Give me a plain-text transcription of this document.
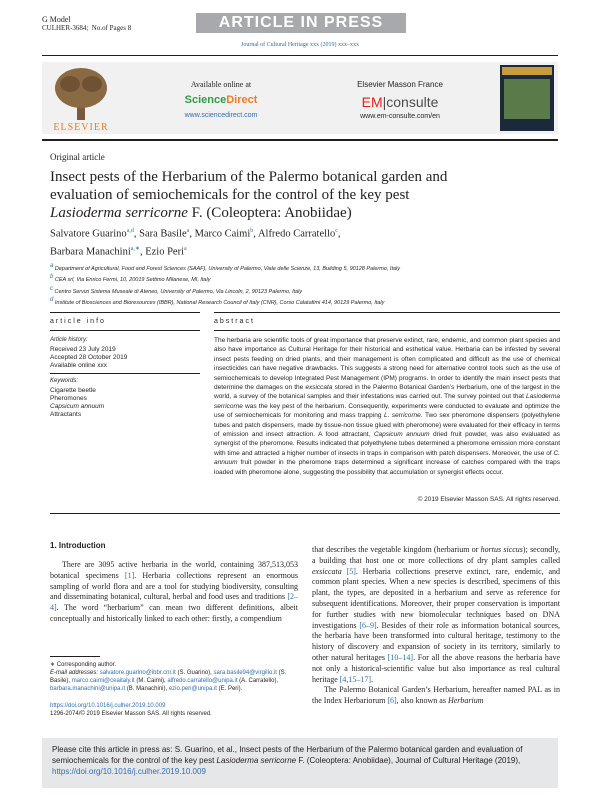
G Model
CULHER-3684; No.of Pages 8	ARTICLE IN PRESS
Journal of Cultural Heritage xxx (2019) xxx–xxx
ELSEVIER
Available online at
ScienceDirect
www.sciencedirect.com
Elsevier Masson France
EM|consulte
www.em-consulte.com/en
Original article
Insect pests of the Herbarium of the Palermo botanical garden and
evaluation of semiochemicals for the control of the key pest
Lasioderma serricorne F. (Coleoptera: Anobiidae)
Salvatore Guarino$^{a,d}$, Sara Basile$^a$, Marco Caimi$^b$, Alfredo Carratello$^c$,
Barbara Manachini$^{a,∗}$, Ezio Peri$^a$
$^a$ Department of Agricultural, Food and Forest Sciences (SAAF), University of Palermo, Viale delle Scienze, 13, Building 5, 90128 Palermo, Italy
$^b$ CEA srl, Via Enrico Fermi, 10, 20019 Settimo Milanese, MI, Italy
$^c$ Centro Servizi Sistema Museale di Ateneo, University of Palermo, Via Lincoln, 2, 90123 Palermo, Italy
$^d$ Institute of Biosciences and Bioresources (IBBR), National Research Council of Italy (CNR), Corso Calatafimi 414, 90129 Palermo, Italy
article info	abstract
Article history:
Received 23 July 2019
Accepted 28 October 2019
Available online xxx
Keywords:
Cigarette beetle
Pheromones
Capsicum annuum
Attractants
The herbaria are scientific tools of great importance that preserve extinct, rare, endemic, and common plant species and also have importance as Cultural Heritage for their historical and esthetical value. Herbaria can be infested by several insect pests feeding on dried plants, and their management is often complicated and difficult as the use of chemical insecticides can have negative drawbacks. This suggests a strong need for alternative control tools such as the use of semiochemicals to develop Integrated Pest Management (IPM) programs. In order to identify the main insect pests that determine the damages on the exsiccata stored in the Palermo Botanical Garden’s Herbarium, one of the largest in the world, a survey of the botanical samples and their infestations was carried out. The survey pointed out that Lasioderma serricorne was the key pest of the herbarium. Consequently, experiments were conducted to evaluate and optimize the use of semiochemicals for monitoring and mass trapping L. serricorne. Two sex pheromone dispensers (polyethylene tubes and patch dispensers, made by tissue-non tissue glued with pheromone) were evaluated for their efficacy in terms of emission and insect attraction. A food attractant, Capsicum annuum dried fruit powder, was also evaluated as synergist of the pheromone. Results indicated that polyethylene tubes determined a pheromone emission more constant with time and attracted a higher number of insects in traps in comparison with patch dispensers. Moreover, the use of C. annuum fruit powder in the pheromone traps determined a significant increase of catches compared with the traps loaded with pheromone alone, suggesting the possibility that accumulation or synergist effects occur.
© 2019 Elsevier Masson SAS. All rights reserved.
1. Introduction
There are 3095 active herbaria in the world, containing 387,513,053 botanical specimens [1]. Herbaria collections represent an enormous sampling of world flora and are a tool for studying biodiversity, consulting and disseminating botanical, cultural, herbal and food uses and traditions [2–4]. The word “herbarium” can mean two different definitions, albeit conceptually and historically linked to each other: firstly, a compendium
that describes the vegetable kingdom (herbarium or hortus siccus); secondly, a building that host one or more collections of dry plant samples called exsiccata [5]. Herbaria collections preserve extinct, rare, endemic, and common plant species. When a new species is described, specimens of this plant, the types, are deposited in a herbarium and serve as reference for subsequent identifications. Moreover, their proper conservation is important for further studies with new biomolecular techniques based on DNA investigations [6–9]. Besides of their role as information botanical sources, the herbaria have been transformed into cultural heritage, testimony to the history of discovery and expansion of society in its territory, similarly to other natural heritages [10–14]. For all the above reasons the herbaria have not only a historical-scientific value but also importance as real cultural heritage [4,15–17].
The Palermo Botanical Garden’s Herbarium, hereafter named PAL as in the Index Herbariorum [6], also known as Herbarium
∗ Corresponding author.
E-mail addresses: salvatore.guarino@ibbr.cnr.it (S. Guarino), sara.basile94@virgilio.it (S. Basile), marco.caimi@ceaitaly.it (M. Caimi), alfredo.carratello@unipa.it (A. Carratello), barbara.manachini@unipa.it (B. Manachini), ezio.peri@unipa.it (E. Peri).
https://doi.org/10.1016/j.culher.2019.10.009
1296-2074/© 2019 Elsevier Masson SAS. All rights reserved.
Please cite this article in press as: S. Guarino, et al., Insect pests of the Herbarium of the Palermo botanical garden and evaluation of semiochemicals for the control of the key pest Lasioderma serricorne F. (Coleoptera: Anobiidae), Journal of Cultural Heritage (2019), https://doi.org/10.1016/j.culher.2019.10.009
